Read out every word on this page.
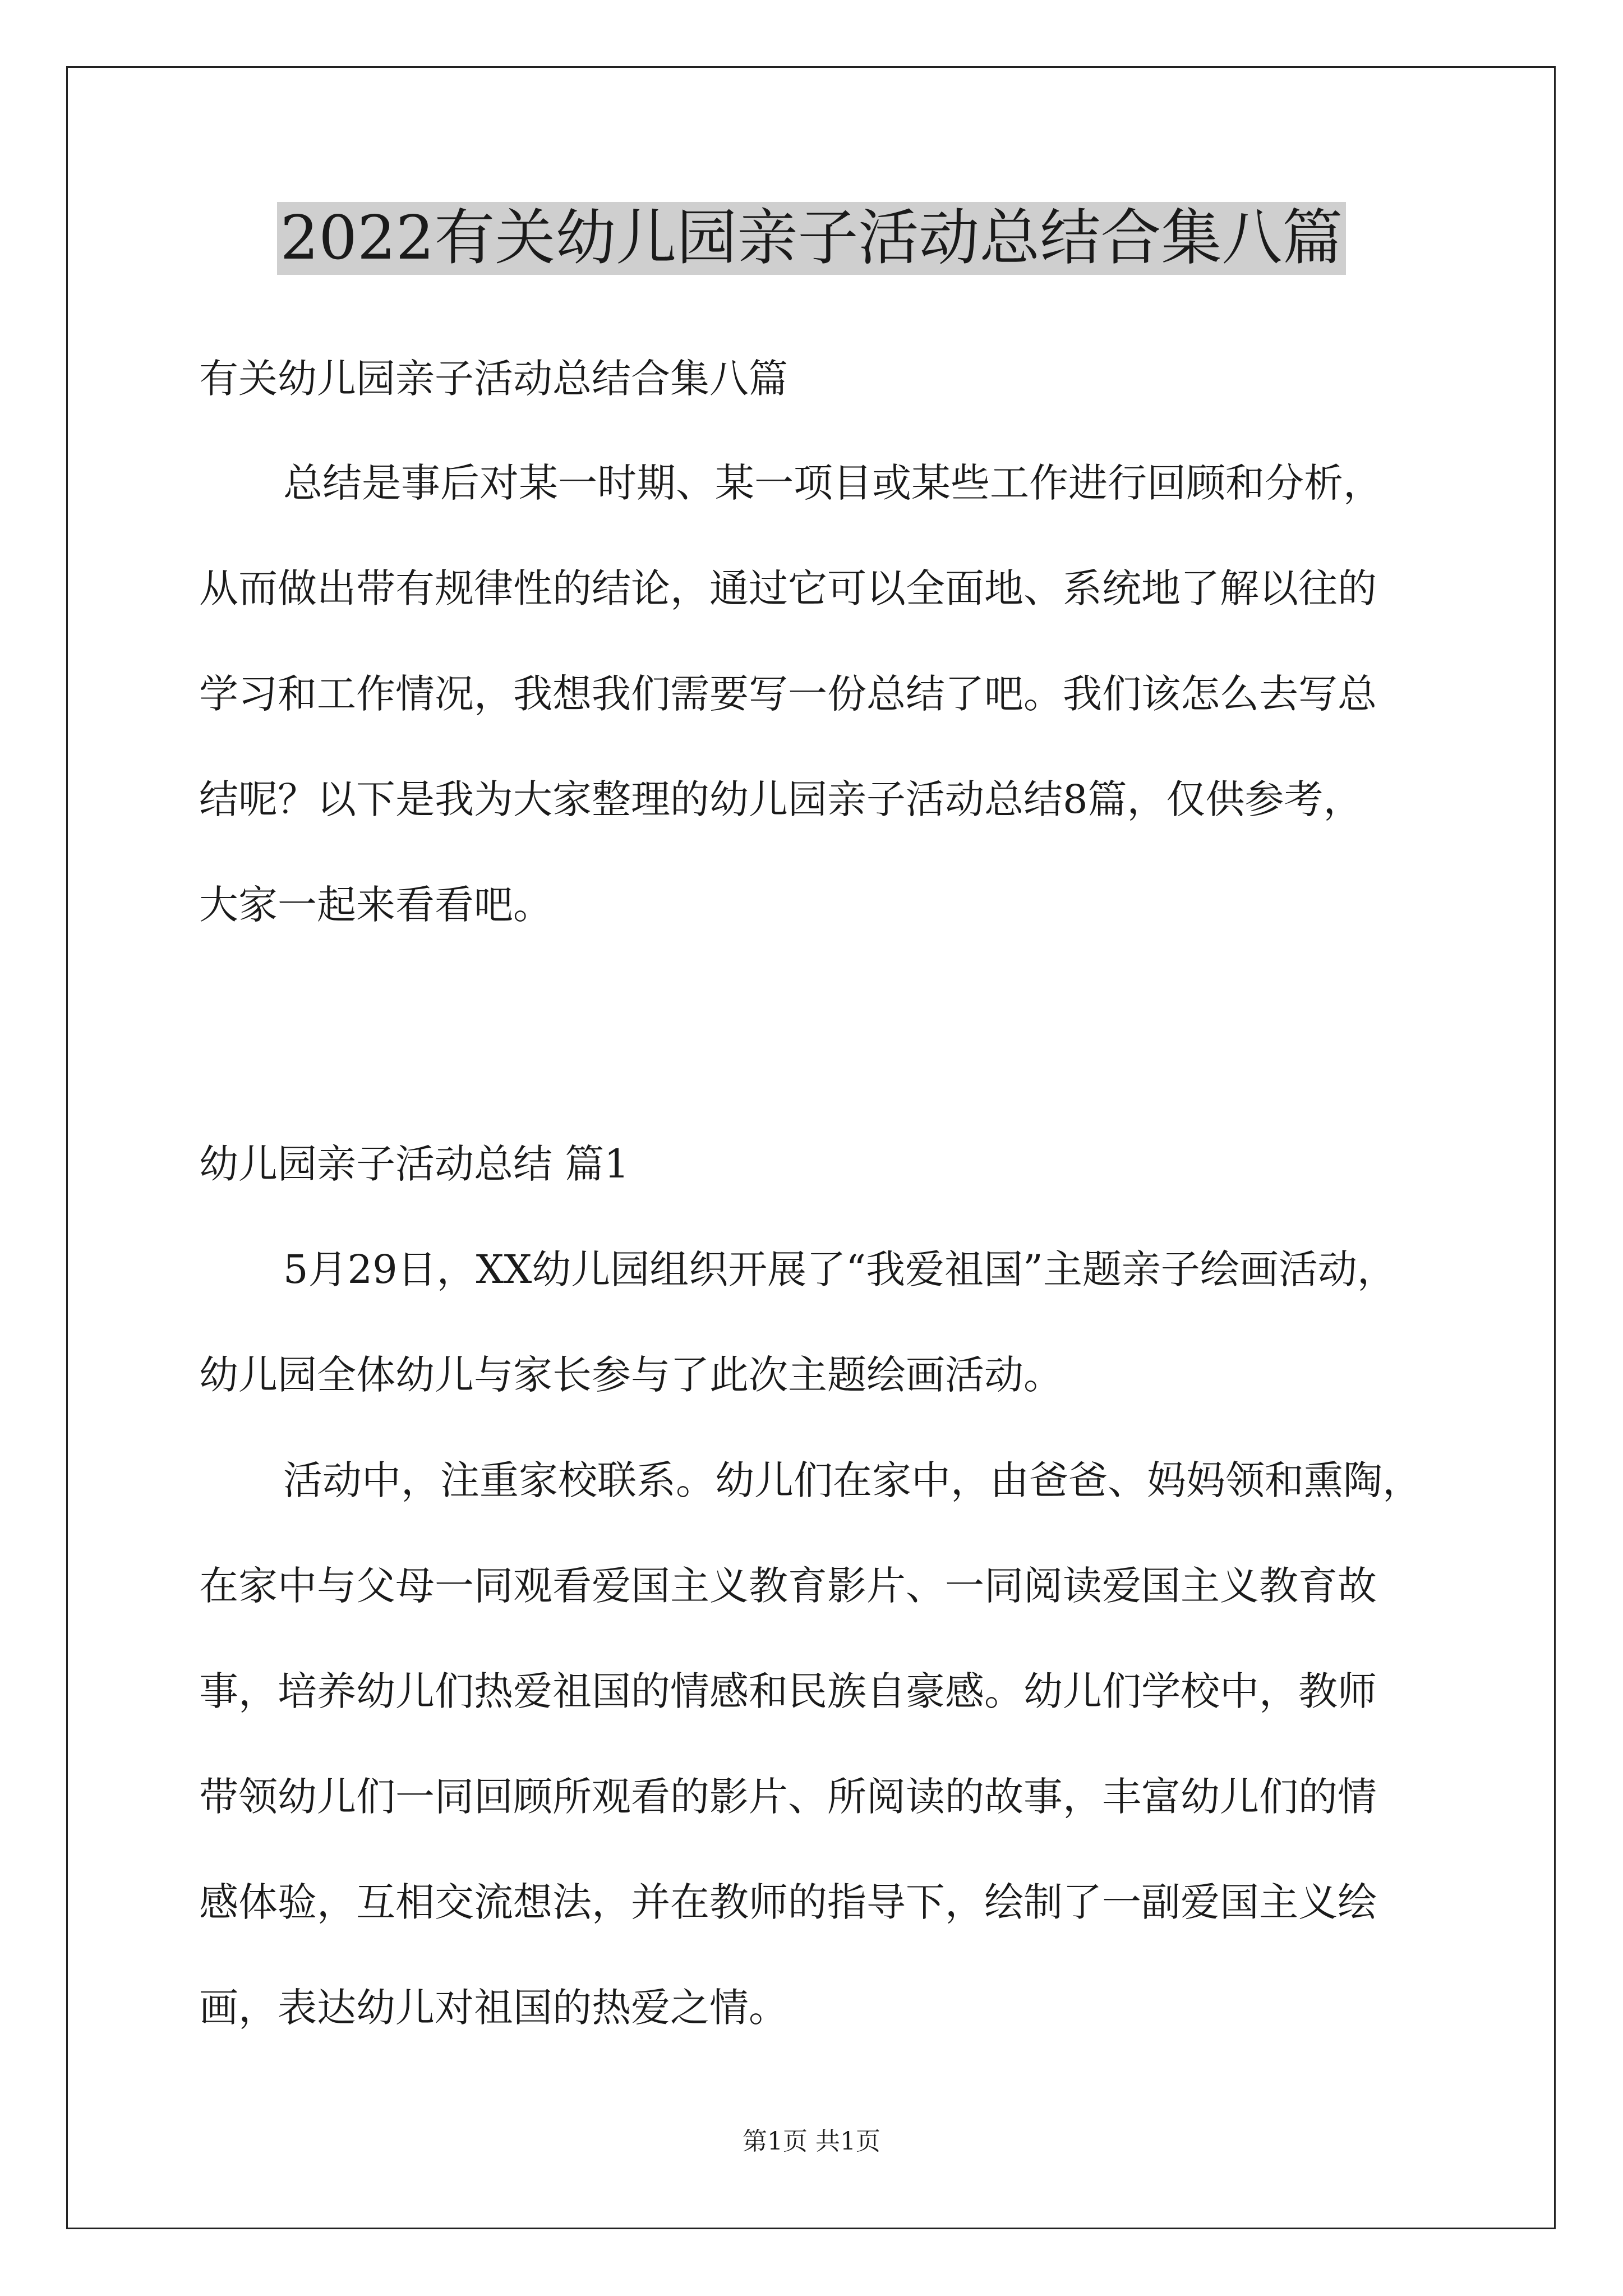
2022有关幼儿园亲子活动总结合集八篇
有关幼儿园亲子活动总结合集八篇
总结是事后对某一时期、某一项目或某些工作进行回顾和分析，
从而做出带有规律性的结论，通过它可以全面地、系统地了解以往的
学习和工作情况，我想我们需要写一份总结了吧。我们该怎么去写总
结呢？以下是我为大家整理的幼儿园亲子活动总结8篇，仅供参考，
大家一起来看看吧。
幼儿园亲子活动总结 篇1
5月29日，XX幼儿园组织开展了“我爱祖国”主题亲子绘画活动，
幼儿园全体幼儿与家长参与了此次主题绘画活动。
活动中，注重家校联系。幼儿们在家中，由爸爸、妈妈领和熏陶，
在家中与父母一同观看爱国主义教育影片、一同阅读爱国主义教育故
事，培养幼儿们热爱祖国的情感和民族自豪感。幼儿们学校中，教师
带领幼儿们一同回顾所观看的影片、所阅读的故事，丰富幼儿们的情
感体验，互相交流想法，并在教师的指导下，绘制了一副爱国主义绘
画，表达幼儿对祖国的热爱之情。
第1页 共1页
